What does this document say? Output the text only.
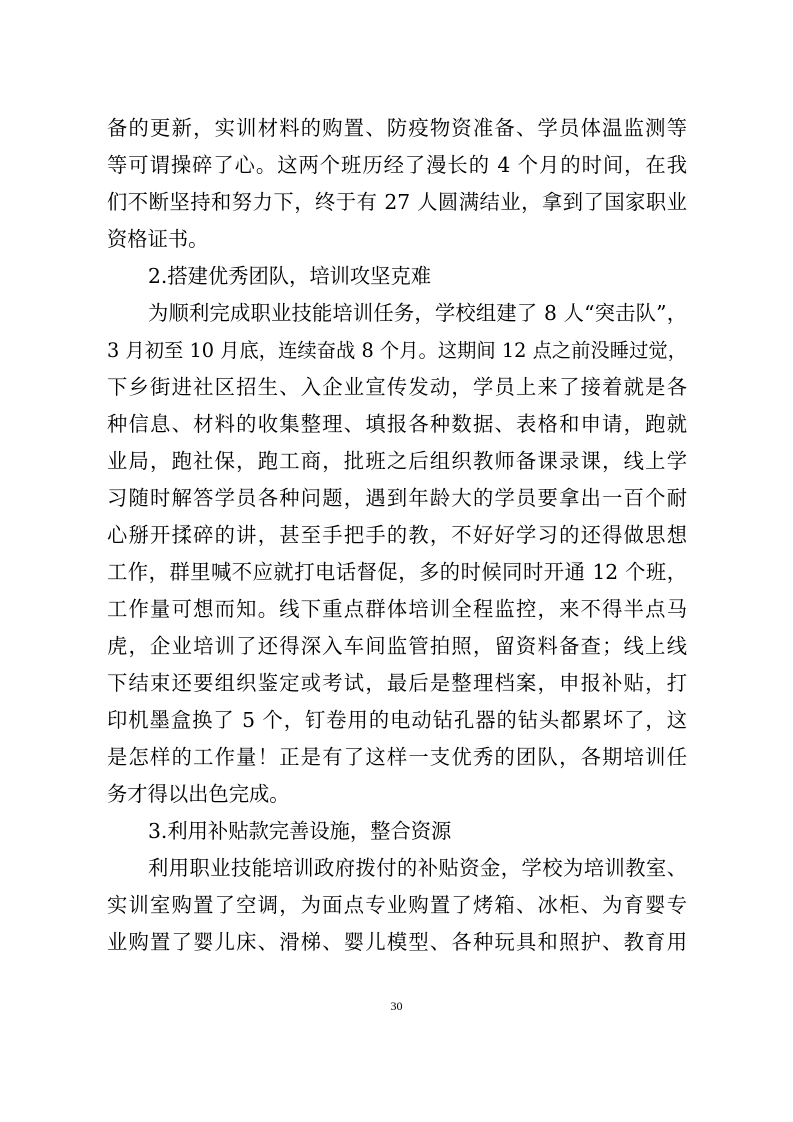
备的更新，实训材料的购置、防疫物资准备、学员体温监测等
等可谓操碎了心。这两个班历经了漫长的 4 个月的时间，在我
们不断坚持和努力下，终于有 27 人圆满结业，拿到了国家职业
资格证书。
2.搭建优秀团队，培训攻坚克难
为顺利完成职业技能培训任务，学校组建了 8 人“突击队”，
3 月初至 10 月底，连续奋战 8 个月。这期间 12 点之前没睡过觉，
下乡街进社区招生、入企业宣传发动，学员上来了接着就是各
种信息、材料的收集整理、填报各种数据、表格和申请，跑就
业局，跑社保，跑工商，批班之后组织教师备课录课，线上学
习随时解答学员各种问题，遇到年龄大的学员要拿出一百个耐
心掰开揉碎的讲，甚至手把手的教，不好好学习的还得做思想
工作，群里喊不应就打电话督促，多的时候同时开通 12 个班，
工作量可想而知。线下重点群体培训全程监控，来不得半点马
虎，企业培训了还得深入车间监管拍照，留资料备查；线上线
下结束还要组织鉴定或考试，最后是整理档案，申报补贴，打
印机墨盒换了 5 个，钉卷用的电动钻孔器的钻头都累坏了，这
是怎样的工作量！正是有了这样一支优秀的团队，各期培训任
务才得以出色完成。
3.利用补贴款完善设施，整合资源
利用职业技能培训政府拨付的补贴资金，学校为培训教室、
实训室购置了空调，为面点专业购置了烤箱、冰柜、为育婴专
业购置了婴儿床、滑梯、婴儿模型、各种玩具和照护、教育用
30
